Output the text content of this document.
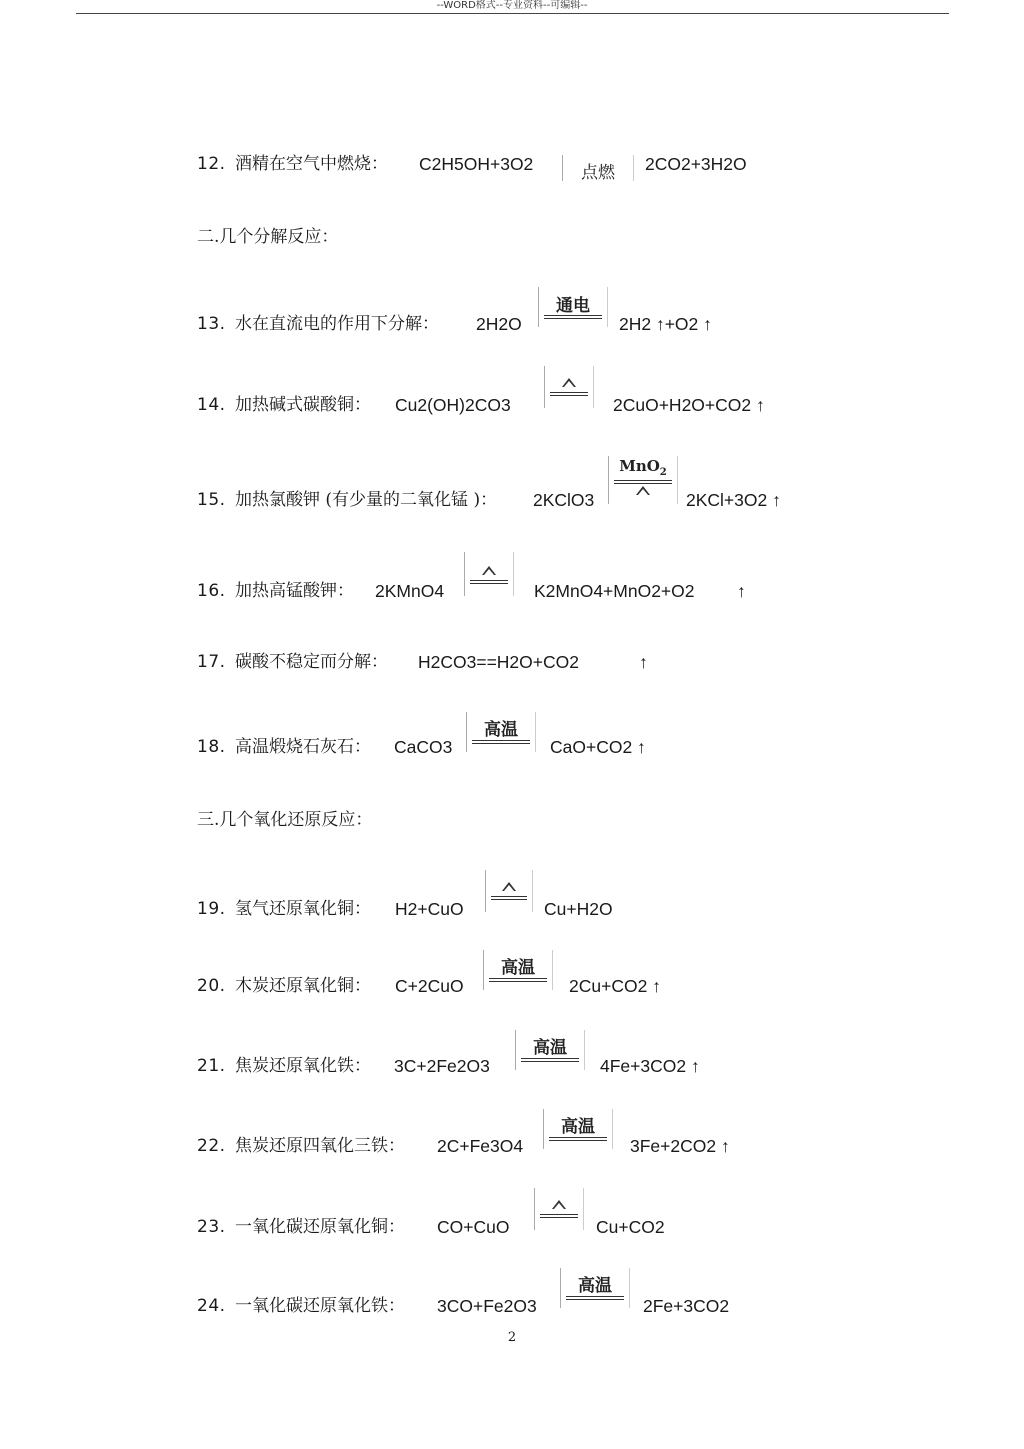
--WORD格式--专业资料--可编辑--
12. 酒精在空气中燃烧： C2H5OH+3O2	2CO2+3H2O
点燃
二.几个分解反应：
13. 水在直流电的作用下分解： 2H2O	2H2 ↑+O2 ↑
通电
14. 加热碱式碳酸铜： Cu2(OH)2CO3	2CuO+H2O+CO2 ↑
15. 加热氯酸钾 (有少量的二氧化锰 )： 2KClO3	2KCl+3O2 ↑
MnO$_2$
16. 加热高锰酸钾： 2KMnO4	K2MnO4+MnO2+O2 ↑
17. 碳酸不稳定而分解： H2CO3==H2O+CO2	↑
18. 高温煅烧石灰石： CaCO3	CaO+CO2 ↑
高温
三.几个氧化还原反应：
19. 氢气还原氧化铜： H2+CuO	Cu+H2O
20. 木炭还原氧化铜： C+2CuO	2Cu+CO2 ↑
高温
21. 焦炭还原氧化铁： 3C+2Fe2O3	4Fe+3CO2 ↑
高温
22. 焦炭还原四氧化三铁： 2C+Fe3O4	3Fe+2CO2 ↑
高温
23. 一氧化碳还原氧化铜： CO+CuO	Cu+CO2
24. 一氧化碳还原氧化铁： 3CO+Fe2O3	2Fe+3CO2
高温
2
